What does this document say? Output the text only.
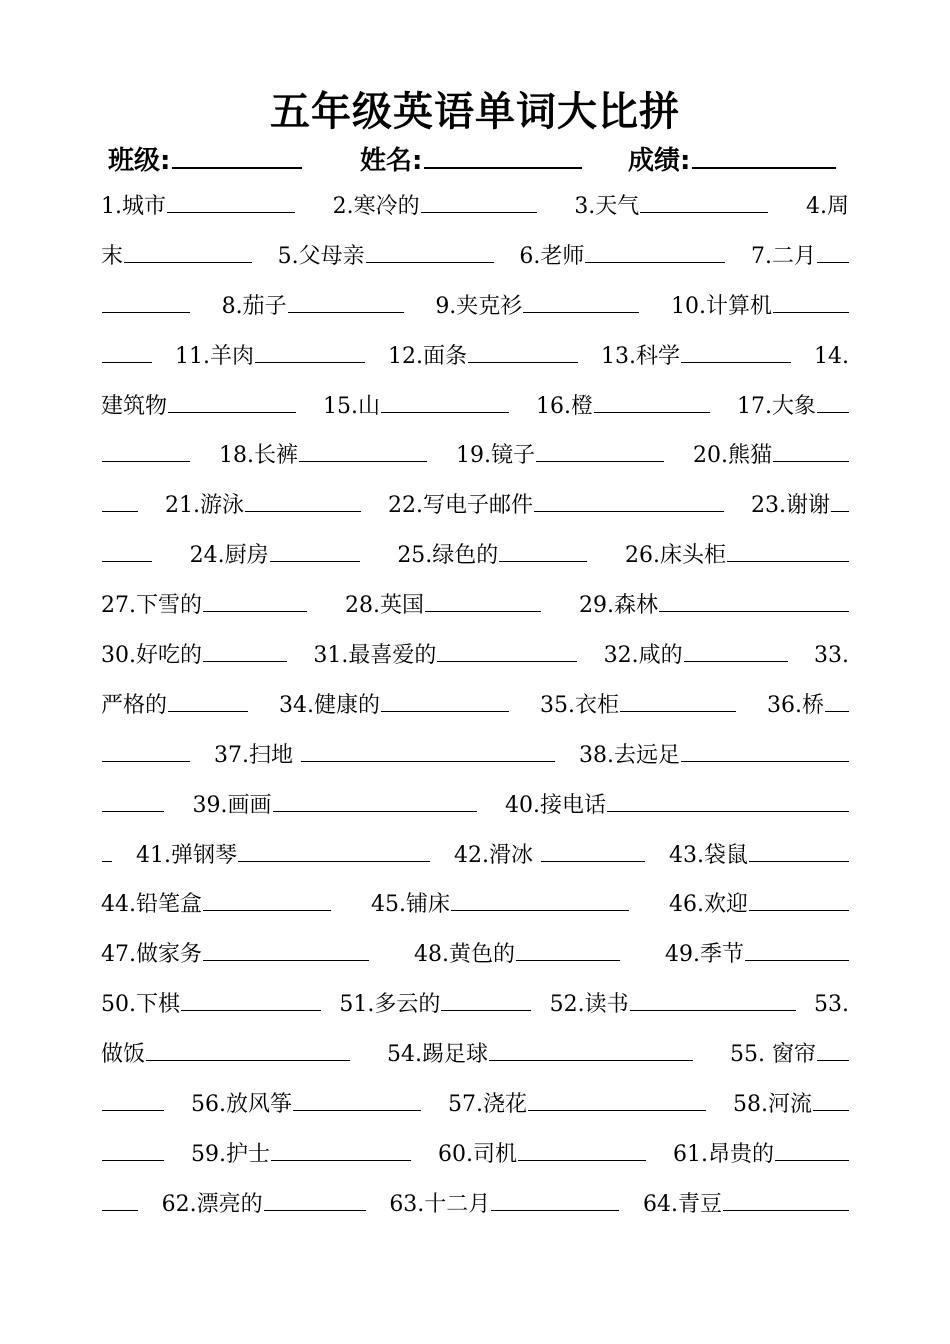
五年级英语单词大比拼
班级:	姓名:	成绩:
1.城市	2.寒冷的	3.天气	4.周
末	5.父母亲	6.老师	7.二月
8.茄子	9.夹克衫	10.计算机
11.羊肉	12.面条	13.科学	14.
建筑物	15.山	16.橙	17.大象
18.长裤	19.镜子	20.熊猫
21.游泳	22.写电子邮件	23.谢谢
24.厨房	25.绿色的	26.床头柜
27.下雪的	28.英国	29.森林
30.好吃的	31.最喜爱的	32.咸的	33.
严格的	34.健康的	35.衣柜	36.桥
37.扫地	38.去远足
39.画画	40.接电话
41.弹钢琴	42.滑冰	43.袋鼠
44.铅笔盒	45.铺床	46.欢迎
47.做家务	48.黄色的	49.季节
50.下棋	51.多云的	52.读书	53.
做饭	54.踢足球	55. 窗帘
56.放风筝	57.浇花	58.河流
59.护士	60.司机	61.昂贵的
62.漂亮的	63.十二月	64.青豆
